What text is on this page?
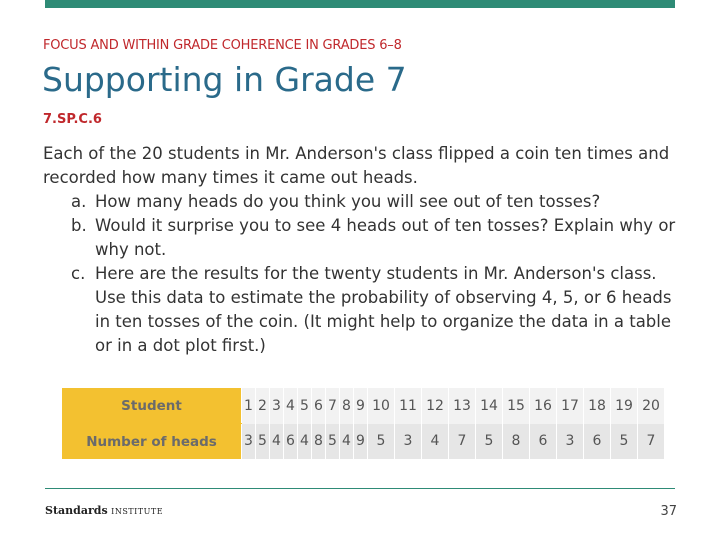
FOCUS AND WITHIN GRADE COHERENCE IN GRADES 6–8
Supporting in Grade 7
7.SP.C.6

Each of the 20 students in Mr. Anderson's class flipped a coin ten times and recorded how many times it came out heads.

a. How many heads do you think you will see out of ten tosses?
b. Would it surprise you to see 4 heads out of ten tosses? Explain why or why not.
c. Here are the results for the twenty students in Mr. Anderson's class. Use this data to estimate the probability of observing 4, 5, or 6 heads in ten tosses of the coin. (It might help to organize the data in a table or in a dot plot first.)
Student	1	2	3	4	5	6	7	8	9	10	11	12	13	14	15	16	17	18	19	20
Number of heads	3	5	4	6	4	8	5	4	9	5	3	4	7	5	8	6	3	6	5	7
Standards INSTITUTE	37
